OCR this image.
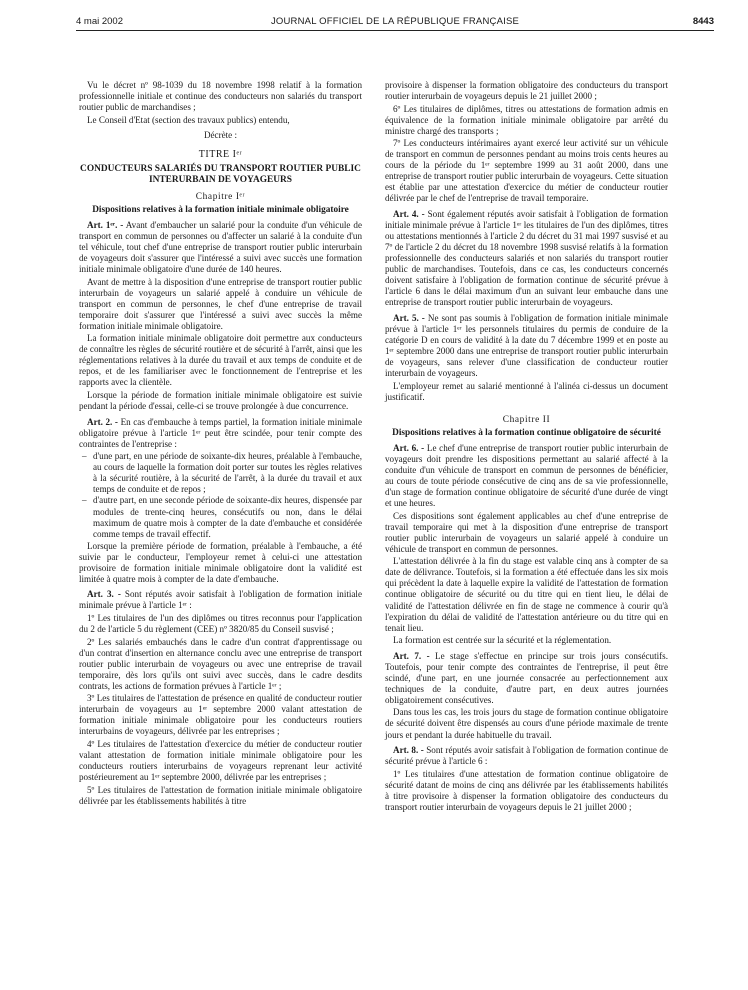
4 mai 2002	JOURNAL OFFICIEL DE LA RÉPUBLIQUE FRANÇAISE	8443

Vu le décret nº 98-1039 du 18 novembre 1998 relatif à la formation professionnelle initiale et continue des conducteurs non salariés du transport routier public de marchandises ;

Le Conseil d'Etat (section des travaux publics) entendu,

Décrète :

TITRE Iᵉʳ
CONDUCTEURS SALARIÉS DU TRANSPORT ROUTIER PUBLIC INTERURBAIN DE VOYAGEURS
Chapitre Iᵉʳ
Dispositions relatives à la formation initiale minimale obligatoire

Art. 1ᵉʳ. - Avant d'embaucher un salarié pour la conduite d'un véhicule de transport en commun de personnes ou d'affecter un salarié à la conduite d'un tel véhicule, tout chef d'une entreprise de transport routier public interurbain de voyageurs doit s'assurer que l'intéressé a suivi avec succès une formation initiale minimale obligatoire d'une durée de 140 heures.

Avant de mettre à la disposition d'une entreprise de transport routier public interurbain de voyageurs un salarié appelé à conduire un véhicule de transport en commun de personnes, le chef d'une entreprise de travail temporaire doit s'assurer que l'intéressé a suivi avec succès la même formation initiale minimale obligatoire.

La formation initiale minimale obligatoire doit permettre aux conducteurs de connaître les règles de sécurité routière et de sécurité à l'arrêt, ainsi que les réglementations relatives à la durée du travail et aux temps de conduite et de repos, et de les familiariser avec le fonctionnement de l'entreprise et les rapports avec la clientèle.

Lorsque la période de formation initiale minimale obligatoire est suivie pendant la période d'essai, celle-ci se trouve prolongée à due concurrence.

Art. 2. - En cas d'embauche à temps partiel, la formation initiale minimale obligatoire prévue à l'article 1ᵉʳ peut être scindée, pour tenir compte des contraintes de l'entreprise :

– d'une part, en une période de soixante-dix heures, préalable à l'embauche, au cours de laquelle la formation doit porter sur toutes les règles relatives à la sécurité routière, à la sécurité de l'arrêt, à la durée du travail et aux temps de conduite et de repos ;
– d'autre part, en une seconde période de soixante-dix heures, dispensée par modules de trente-cinq heures, consécutifs ou non, dans le délai maximum de quatre mois à compter de la date d'embauche et considérée comme temps de travail effectif.

Lorsque la première période de formation, préalable à l'embauche, a été suivie par le conducteur, l'employeur remet à celui-ci une attestation provisoire de formation initiale minimale obligatoire dont la validité est limitée à quatre mois à compter de la date d'embauche.

Art. 3. - Sont réputés avoir satisfait à l'obligation de formation initiale minimale prévue à l'article 1ᵉʳ :

1º Les titulaires de l'un des diplômes ou titres reconnus pour l'application du 2 de l'article 5 du règlement (CEE) nº 3820/85 du Conseil susvisé ;

2º Les salariés embauchés dans le cadre d'un contrat d'apprentissage ou d'un contrat d'insertion en alternance conclu avec une entreprise de transport routier public interurbain de voyageurs ou avec une entreprise de travail temporaire, dès lors qu'ils ont suivi avec succès, dans le cadre desdits contrats, les actions de formation prévues à l'article 1ᵉʳ ;

3º Les titulaires de l'attestation de présence en qualité de conducteur routier interurbain de voyageurs au 1ᵉʳ septembre 2000 valant attestation de formation initiale minimale obligatoire pour les conducteurs routiers interurbains de voyageurs, délivrée par les entreprises ;

4º Les titulaires de l'attestation d'exercice du métier de conducteur routier valant attestation de formation initiale minimale obligatoire pour les conducteurs routiers interurbains de voyageurs reprenant leur activité postérieurement au 1ᵉʳ septembre 2000, délivrée par les entreprises ;

5º Les titulaires de l'attestation de formation initiale minimale obligatoire délivrée par les établissements habilités à titre

provisoire à dispenser la formation obligatoire des conducteurs du transport routier interurbain de voyageurs depuis le 21 juillet 2000 ;

6º Les titulaires de diplômes, titres ou attestations de formation admis en équivalence de la formation initiale minimale obligatoire par arrêté du ministre chargé des transports ;

7º Les conducteurs intérimaires ayant exercé leur activité sur un véhicule de transport en commun de personnes pendant au moins trois cents heures au cours de la période du 1ᵉʳ septembre 1999 au 31 août 2000, dans une entreprise de transport routier public interurbain de voyageurs. Cette situation est établie par une attestation d'exercice du métier de conducteur routier délivrée par le chef de l'entreprise de travail temporaire.

Art. 4. - Sont également réputés avoir satisfait à l'obligation de formation initiale minimale prévue à l'article 1ᵉʳ les titulaires de l'un des diplômes, titres ou attestations mentionnés à l'article 2 du décret du 31 mai 1997 susvisé et au 7º de l'article 2 du décret du 18 novembre 1998 susvisé relatifs à la formation professionnelle des conducteurs salariés et non salariés du transport routier public de marchandises. Toutefois, dans ce cas, les conducteurs concernés doivent satisfaire à l'obligation de formation continue de sécurité prévue à l'article 6 dans le délai maximum d'un an suivant leur embauche dans une entreprise de transport routier public interurbain de voyageurs.

Art. 5. - Ne sont pas soumis à l'obligation de formation initiale minimale prévue à l'article 1ᵉʳ les personnels titulaires du permis de conduire de la catégorie D en cours de validité à la date du 7 décembre 1999 et en poste au 1ᵉʳ septembre 2000 dans une entreprise de transport routier public interurbain de voyageurs, sans relever d'une classification de conducteur routier interurbain de voyageurs.

L'employeur remet au salarié mentionné à l'alinéa ci-dessus un document justificatif.

Chapitre II
Dispositions relatives à la formation continue obligatoire de sécurité

Art. 6. - Le chef d'une entreprise de transport routier public interurbain de voyageurs doit prendre les dispositions permettant au salarié affecté à la conduite d'un véhicule de transport en commun de personnes de bénéficier, au cours de toute période consécutive de cinq ans de sa vie professionnelle, d'un stage de formation continue obligatoire de sécurité d'une durée de vingt et une heures.

Ces dispositions sont également applicables au chef d'une entreprise de travail temporaire qui met à la disposition d'une entreprise de transport routier public interurbain de voyageurs un salarié appelé à conduire un véhicule de transport en commun de personnes.

L'attestation délivrée à la fin du stage est valable cinq ans à compter de sa date de délivrance. Toutefois, si la formation a été effectuée dans les six mois qui précèdent la date à laquelle expire la validité de l'attestation de formation continue obligatoire de sécurité ou du titre qui en tient lieu, le délai de validité de l'attestation délivrée en fin de stage ne commence à courir qu'à l'expiration du délai de validité de l'attestation antérieure ou du titre qui en tenait lieu.

La formation est centrée sur la sécurité et la réglementation.

Art. 7. - Le stage s'effectue en principe sur trois jours consécutifs. Toutefois, pour tenir compte des contraintes de l'entreprise, il peut être scindé, d'une part, en une journée consacrée au perfectionnement aux techniques de la conduite, d'autre part, en deux autres journées obligatoirement consécutives.

Dans tous les cas, les trois jours du stage de formation continue obligatoire de sécurité doivent être dispensés au cours d'une période maximale de trente jours et pendant la durée habituelle du travail.

Art. 8. - Sont réputés avoir satisfait à l'obligation de formation continue de sécurité prévue à l'article 6 :

1º Les titulaires d'une attestation de formation continue obligatoire de sécurité datant de moins de cinq ans délivrée par les établissements habilités à titre provisoire à dispenser la formation obligatoire des conducteurs du transport routier interurbain de voyageurs depuis le 21 juillet 2000 ;
